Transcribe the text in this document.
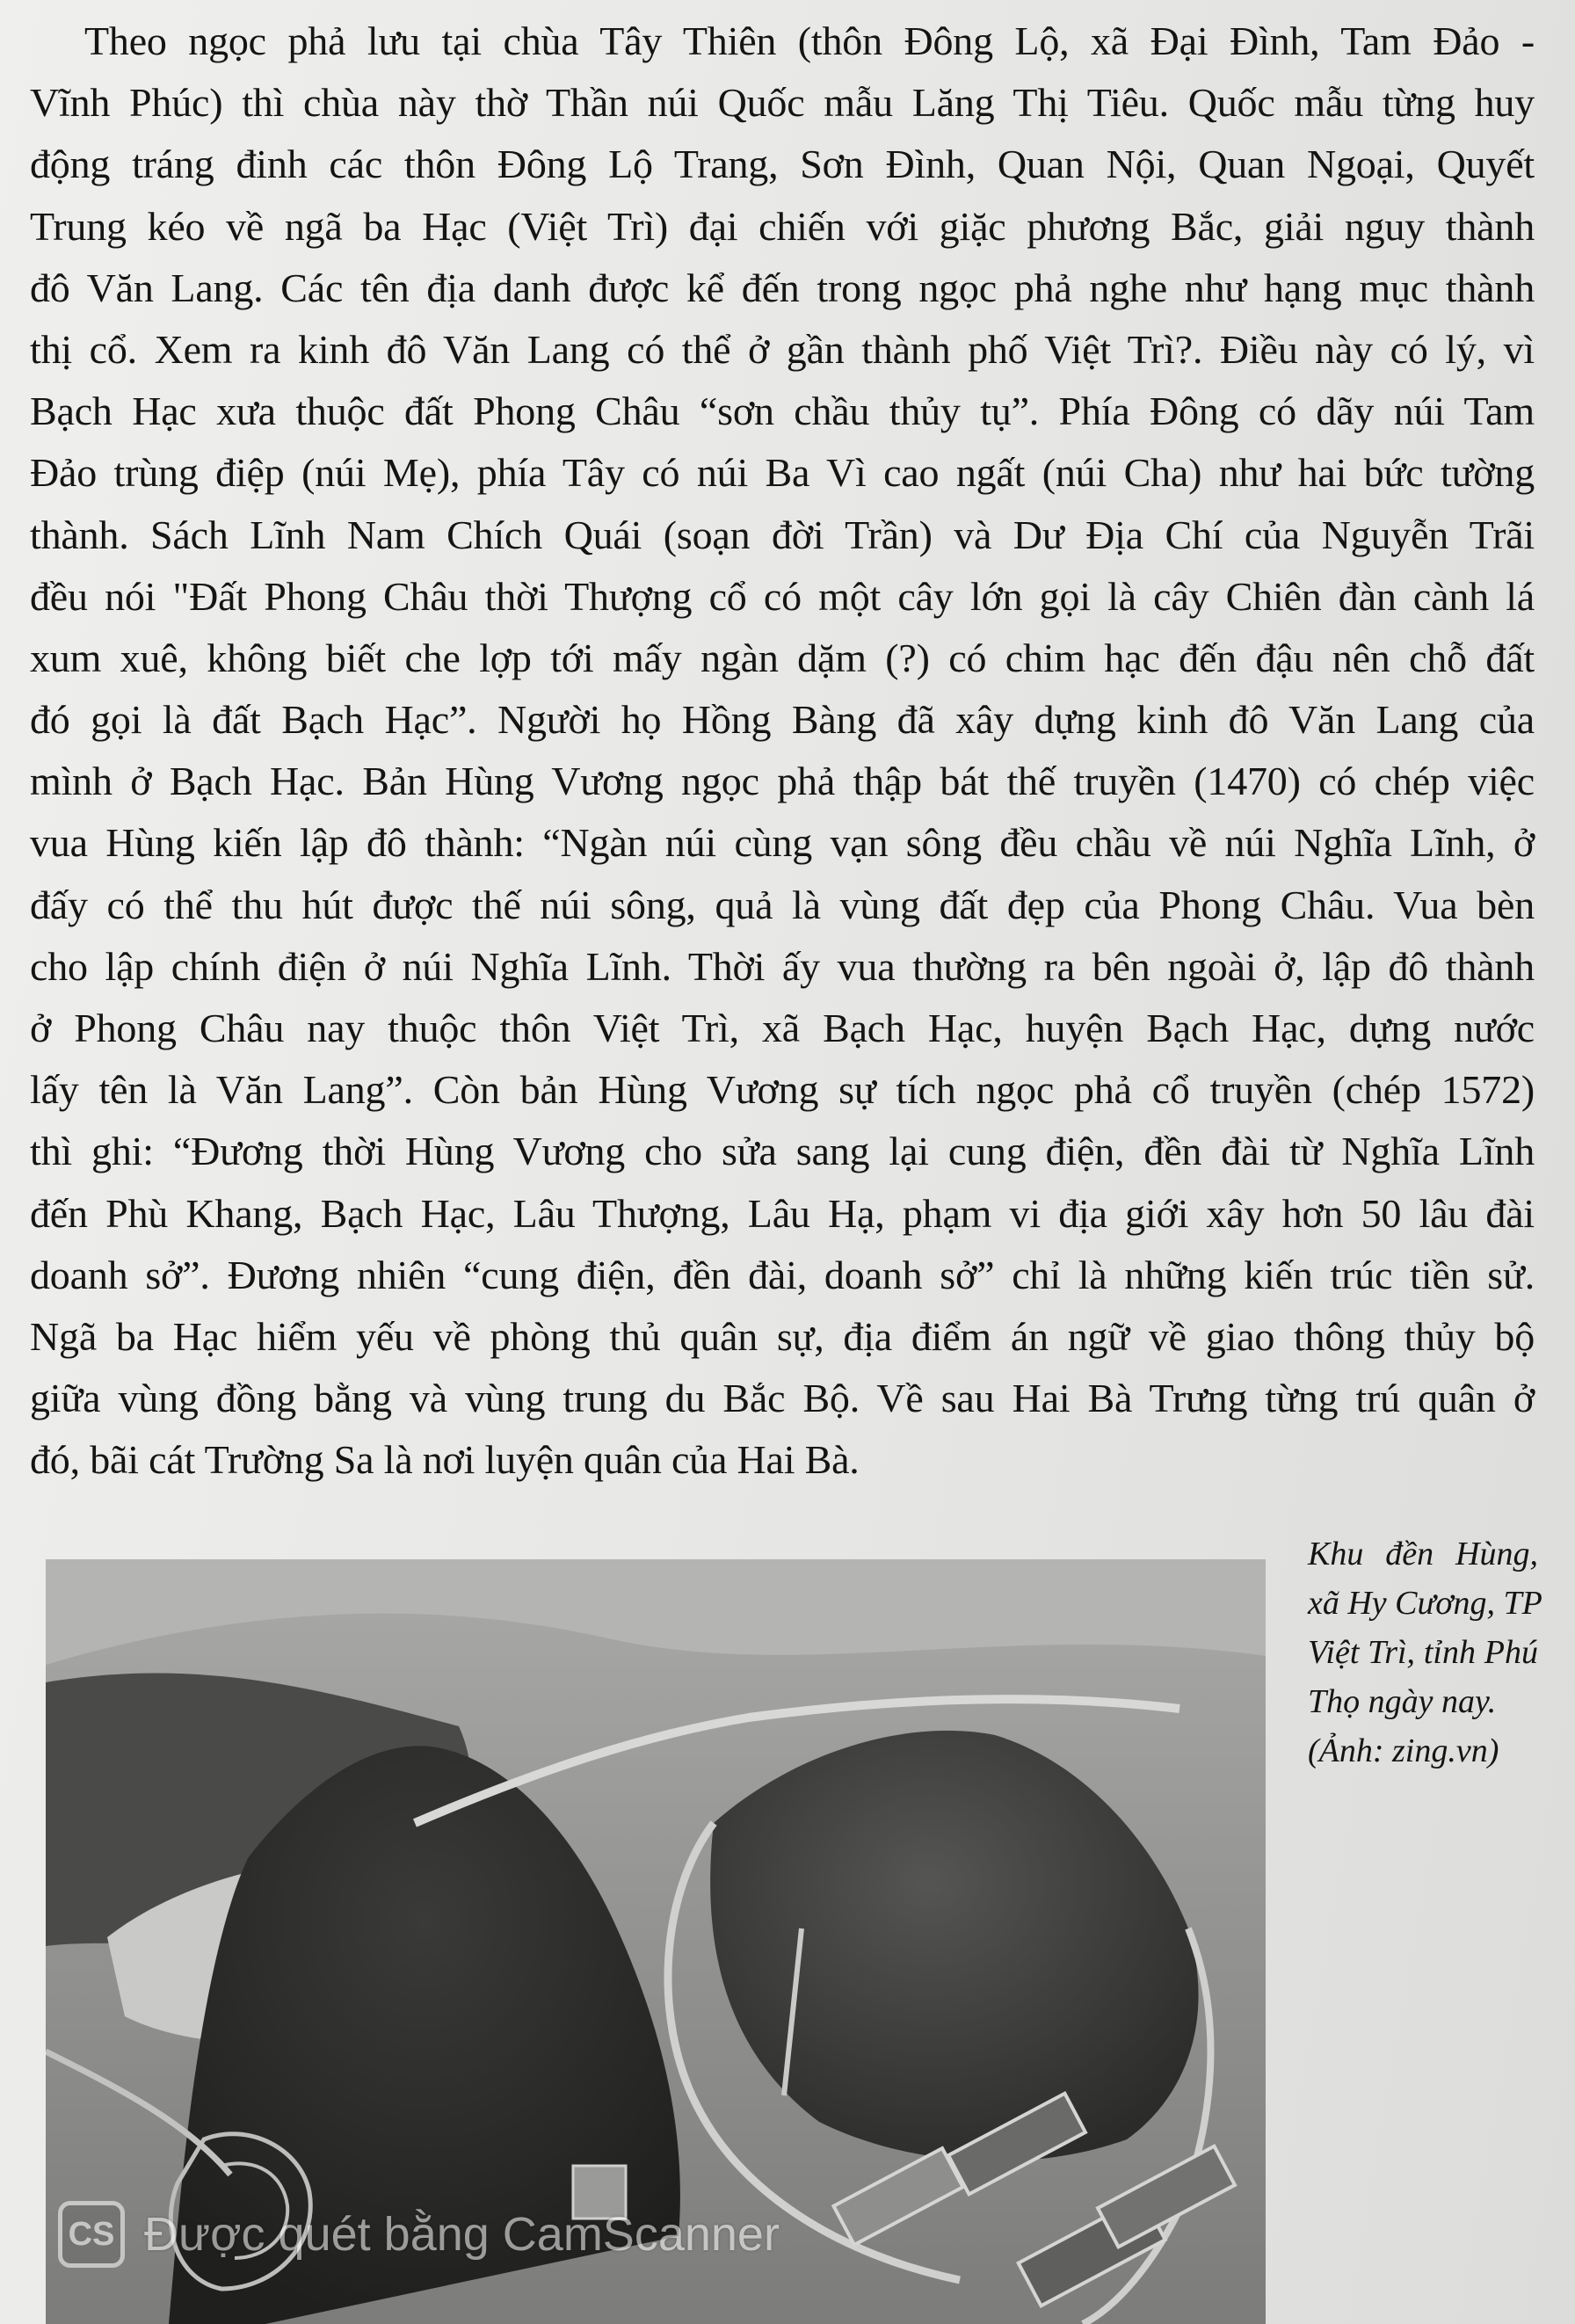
Theo ngọc phả lưu tại chùa Tây Thiên (thôn Đông Lộ, xã Đại Đình, Tam Đảo -
Vĩnh Phúc) thì chùa này thờ Thần núi Quốc mẫu Lăng Thị Tiêu. Quốc mẫu từng huy
động tráng đinh các thôn Đông Lộ Trang, Sơn Đình, Quan Nội, Quan Ngoại, Quyết
Trung kéo về ngã ba Hạc (Việt Trì) đại chiến với giặc phương Bắc, giải nguy thành
đô Văn Lang. Các tên địa danh được kể đến trong ngọc phả nghe như hạng mục thành
thị cổ. Xem ra kinh đô Văn Lang có thể ở gần thành phố Việt Trì?. Điều này có lý, vì
Bạch Hạc xưa thuộc đất Phong Châu “sơn chầu thủy tụ”. Phía Đông có dãy núi Tam
Đảo trùng điệp (núi Mẹ), phía Tây có núi Ba Vì cao ngất (núi Cha) như hai bức tường
thành. Sách Lĩnh Nam Chích Quái (soạn đời Trần) và Dư Địa Chí của Nguyễn Trãi
đều nói "Đất Phong Châu thời Thượng cổ có một cây lớn gọi là cây Chiên đàn cành lá
xum xuê, không biết che lợp tới mấy ngàn dặm (?) có chim hạc đến đậu nên chỗ đất
đó gọi là đất Bạch Hạc”. Người họ Hồng Bàng đã xây dựng kinh đô Văn Lang của
mình ở Bạch Hạc. Bản Hùng Vương ngọc phả thập bát thế truyền (1470) có chép việc
vua Hùng kiến lập đô thành: “Ngàn núi cùng vạn sông đều chầu về núi Nghĩa Lĩnh, ở
đấy có thể thu hút được thế núi sông, quả là vùng đất đẹp của Phong Châu. Vua bèn
cho lập chính điện ở núi Nghĩa Lĩnh. Thời ấy vua thường ra bên ngoài ở, lập đô thành
ở Phong Châu nay thuộc thôn Việt Trì, xã Bạch Hạc, huyện Bạch Hạc, dựng nước
lấy tên là Văn Lang”. Còn bản Hùng Vương sự tích ngọc phả cổ truyền (chép 1572)
thì ghi: “Đương thời Hùng Vương cho sửa sang lại cung điện, đền đài từ Nghĩa Lĩnh
đến Phù Khang, Bạch Hạc, Lâu Thượng, Lâu Hạ, phạm vi địa giới xây hơn 50 lâu đài
doanh sở”. Đương nhiên “cung điện, đền đài, doanh sở” chỉ là những kiến trúc tiền sử.
Ngã ba Hạc hiểm yếu về phòng thủ quân sự, địa điểm án ngữ về giao thông thủy bộ
giữa vùng đồng bằng và vùng trung du Bắc Bộ. Về sau Hai Bà Trưng từng trú quân ở
đó, bãi cát Trường Sa là nơi luyện quân của Hai Bà.
Khu đền Hùng,
xã Hy Cương, TP
Việt Trì, tỉnh Phú
Thọ ngày nay.
(Ảnh: zing.vn)
CS Được quét bằng CamScanner
